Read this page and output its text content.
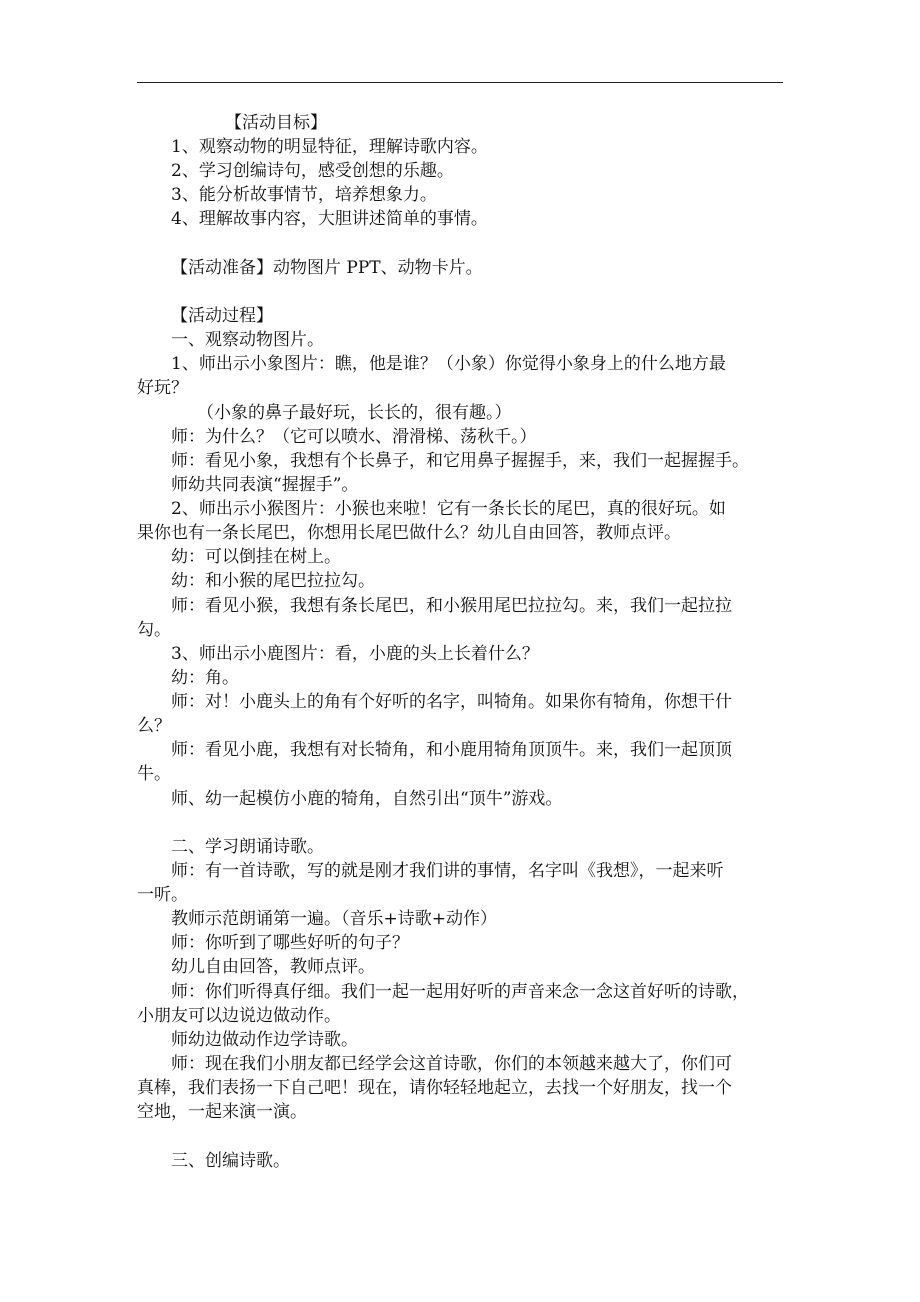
【活动目标】
1、观察动物的明显特征，理解诗歌内容。
2、学习创编诗句，感受创想的乐趣。
3、能分析故事情节，培养想象力。
4、理解故事内容，大胆讲述简单的事情。
【活动准备】动物图片 PPT、动物卡片。
【活动过程】
一、观察动物图片。
1、师出示小象图片：瞧，他是谁？（小象）你觉得小象身上的什么地方最
好玩？
（小象的鼻子最好玩，长长的，很有趣。）
师：为什么？（它可以喷水、滑滑梯、荡秋千。）
师：看见小象，我想有个长鼻子，和它用鼻子握握手，来，我们一起握握手。
师幼共同表演“握握手”。
2、师出示小猴图片：小猴也来啦！它有一条长长的尾巴，真的很好玩。如
果你也有一条长尾巴，你想用长尾巴做什么？幼儿自由回答，教师点评。
幼：可以倒挂在树上。
幼：和小猴的尾巴拉拉勾。
师：看见小猴，我想有条长尾巴，和小猴用尾巴拉拉勾。来，我们一起拉拉
勾。
3、师出示小鹿图片：看，小鹿的头上长着什么？
幼：角。
师：对！小鹿头上的角有个好听的名字，叫犄角。如果你有犄角，你想干什
么？
师：看见小鹿，我想有对长犄角，和小鹿用犄角顶顶牛。来，我们一起顶顶
牛。
师、幼一起模仿小鹿的犄角，自然引出“顶牛”游戏。
二、学习朗诵诗歌。
师：有一首诗歌，写的就是刚才我们讲的事情，名字叫《我想》，一起来听
一听。
教师示范朗诵第一遍。（音乐+诗歌+动作）
师：你听到了哪些好听的句子？
幼儿自由回答，教师点评。
师：你们听得真仔细。我们一起一起用好听的声音来念一念这首好听的诗歌，
小朋友可以边说边做动作。
师幼边做动作边学诗歌。
师：现在我们小朋友都已经学会这首诗歌，你们的本领越来越大了，你们可
真棒，我们表扬一下自己吧！现在，请你轻轻地起立，去找一个好朋友，找一个
空地，一起来演一演。
三、创编诗歌。
